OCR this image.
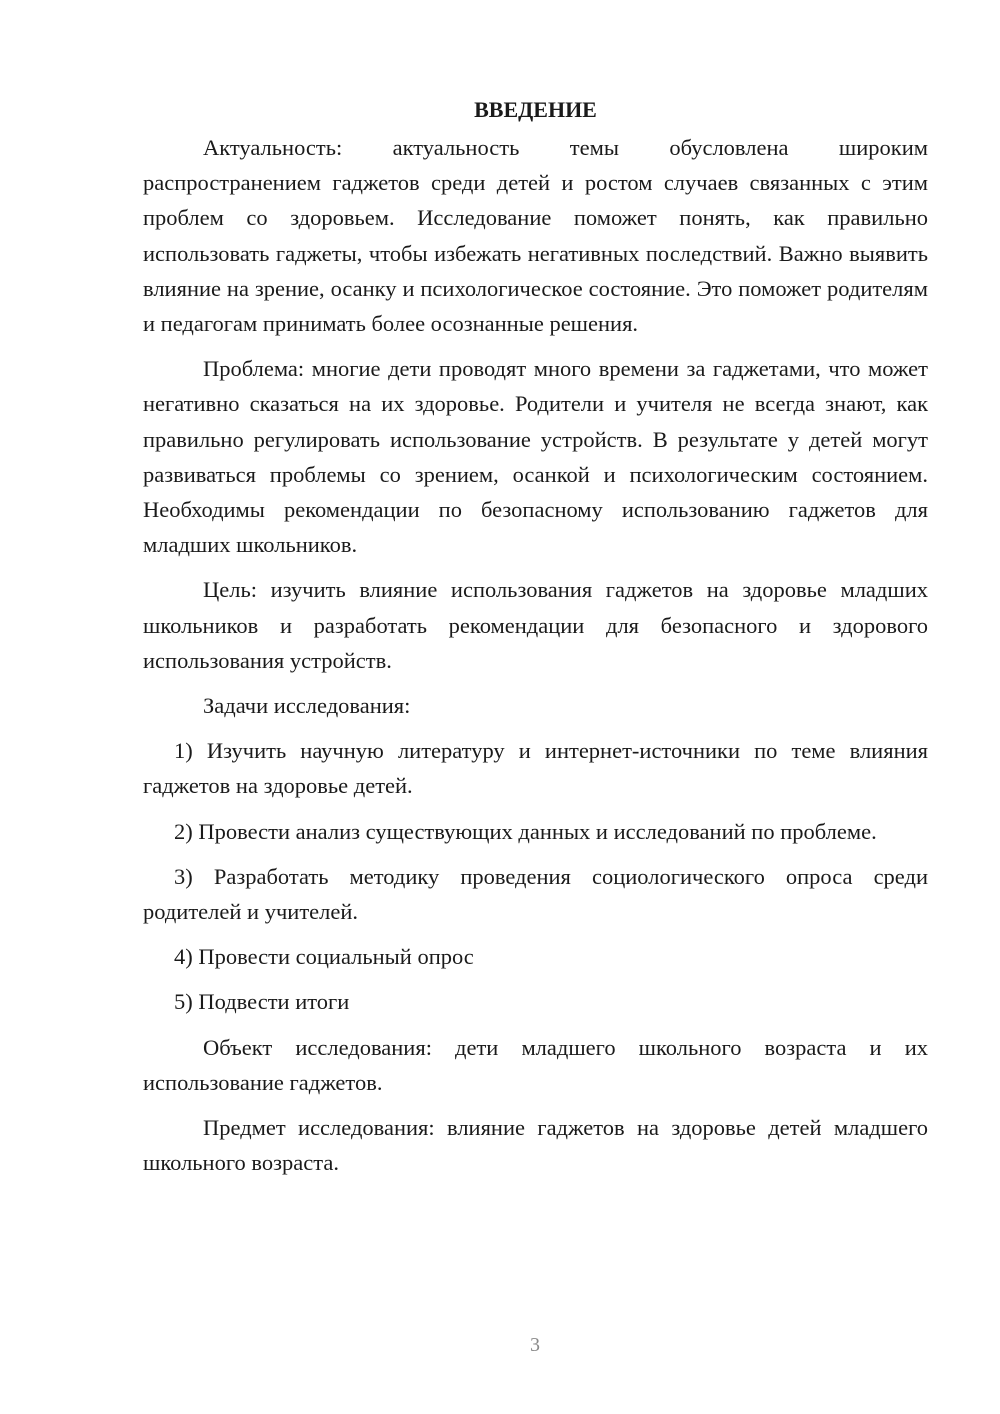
ВВЕДЕНИЕ

Актуальность: актуальность темы обусловлена широким распространением гаджетов среди детей и ростом случаев связанных с этим проблем со здоровьем. Исследование поможет понять, как правильно использовать гаджеты, чтобы избежать негативных последствий. Важно выявить влияние на зрение, осанку и психологическое состояние. Это поможет родителям и педагогам принимать более осознанные решения.

Проблема: многие дети проводят много времени за гаджетами, что может негативно сказаться на их здоровье. Родители и учителя не всегда знают, как правильно регулировать использование устройств. В результате у детей могут развиваться проблемы со зрением, осанкой и психологическим состоянием. Необходимы рекомендации по безопасному использованию гаджетов для младших школьников.

Цель: изучить влияние использования гаджетов на здоровье младших школьников и разработать рекомендации для безопасного и здорового использования устройств.

Задачи исследования:

1) Изучить научную литературу и интернет-источники по теме влияния гаджетов на здоровье детей.

2) Провести анализ существующих данных и исследований по проблеме.

3) Разработать методику проведения социологического опроса среди родителей и учителей.

4) Провести социальный опрос

5) Подвести итоги

Объект исследования: дети младшего школьного возраста и их использование гаджетов.

Предмет исследования: влияние гаджетов на здоровье детей младшего школьного возраста.

3
